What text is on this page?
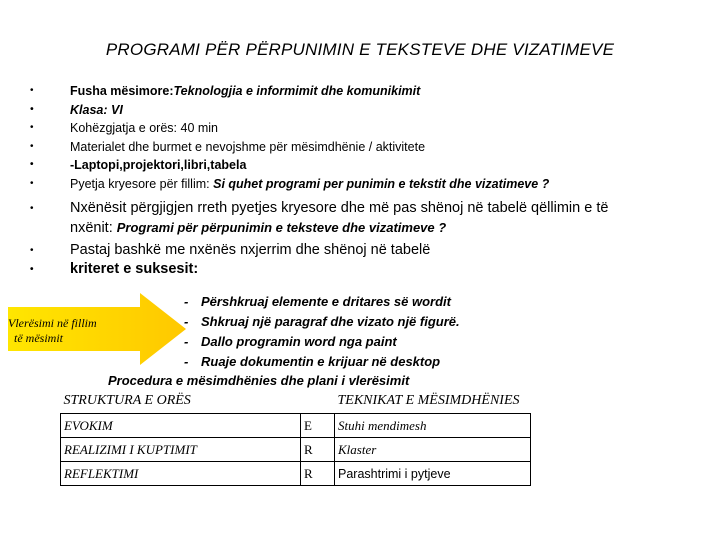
PROGRAMI PËR PËRPUNIMIN E TEKSTEVE DHE VIZATIMEVE
• Fusha mësimore:Teknologjia e informimit dhe komunikimit
• Klasa: VI
• Kohëzgjatja e orës: 40 min
• Materialet dhe burmet e nevojshme për mësimdhënie / aktivitete
• -Laptopi,projektori,libri,tabela
• Pyetja kryesore për fillim: Si quhet programi per punimin e tekstit dhe vizatimeve ?
• Nxënësit përgjigjen rreth pyetjes kryesore dhe më pas shënoj në tabelë qëllimin e të
nxënit: Programi për përpunimin e teksteve dhe vizatimeve ?
• Pastaj bashkë me nxënës nxjerrim dhe shënoj në tabelë
• kriteret e suksesit:
Vlerësimi në fillim
të mësimit
- Përshkruaj elemente e dritares së wordit
- Shkruaj një paragraf dhe vizato një figurë.
- Dallo programin word nga paint
- Ruaje dokumentin e krijuar në desktop
Procedura e mësimdhënies dhe plani i vlerësimit
STRUKTURA E ORËS		TEKNIKAT E MËSIMDHËNIES
EVOKIM	E	Stuhi mendimesh
REALIZIMI I KUPTIMIT	R	Klaster
REFLEKTIMI	R	Parashtrimi i pytjeve
